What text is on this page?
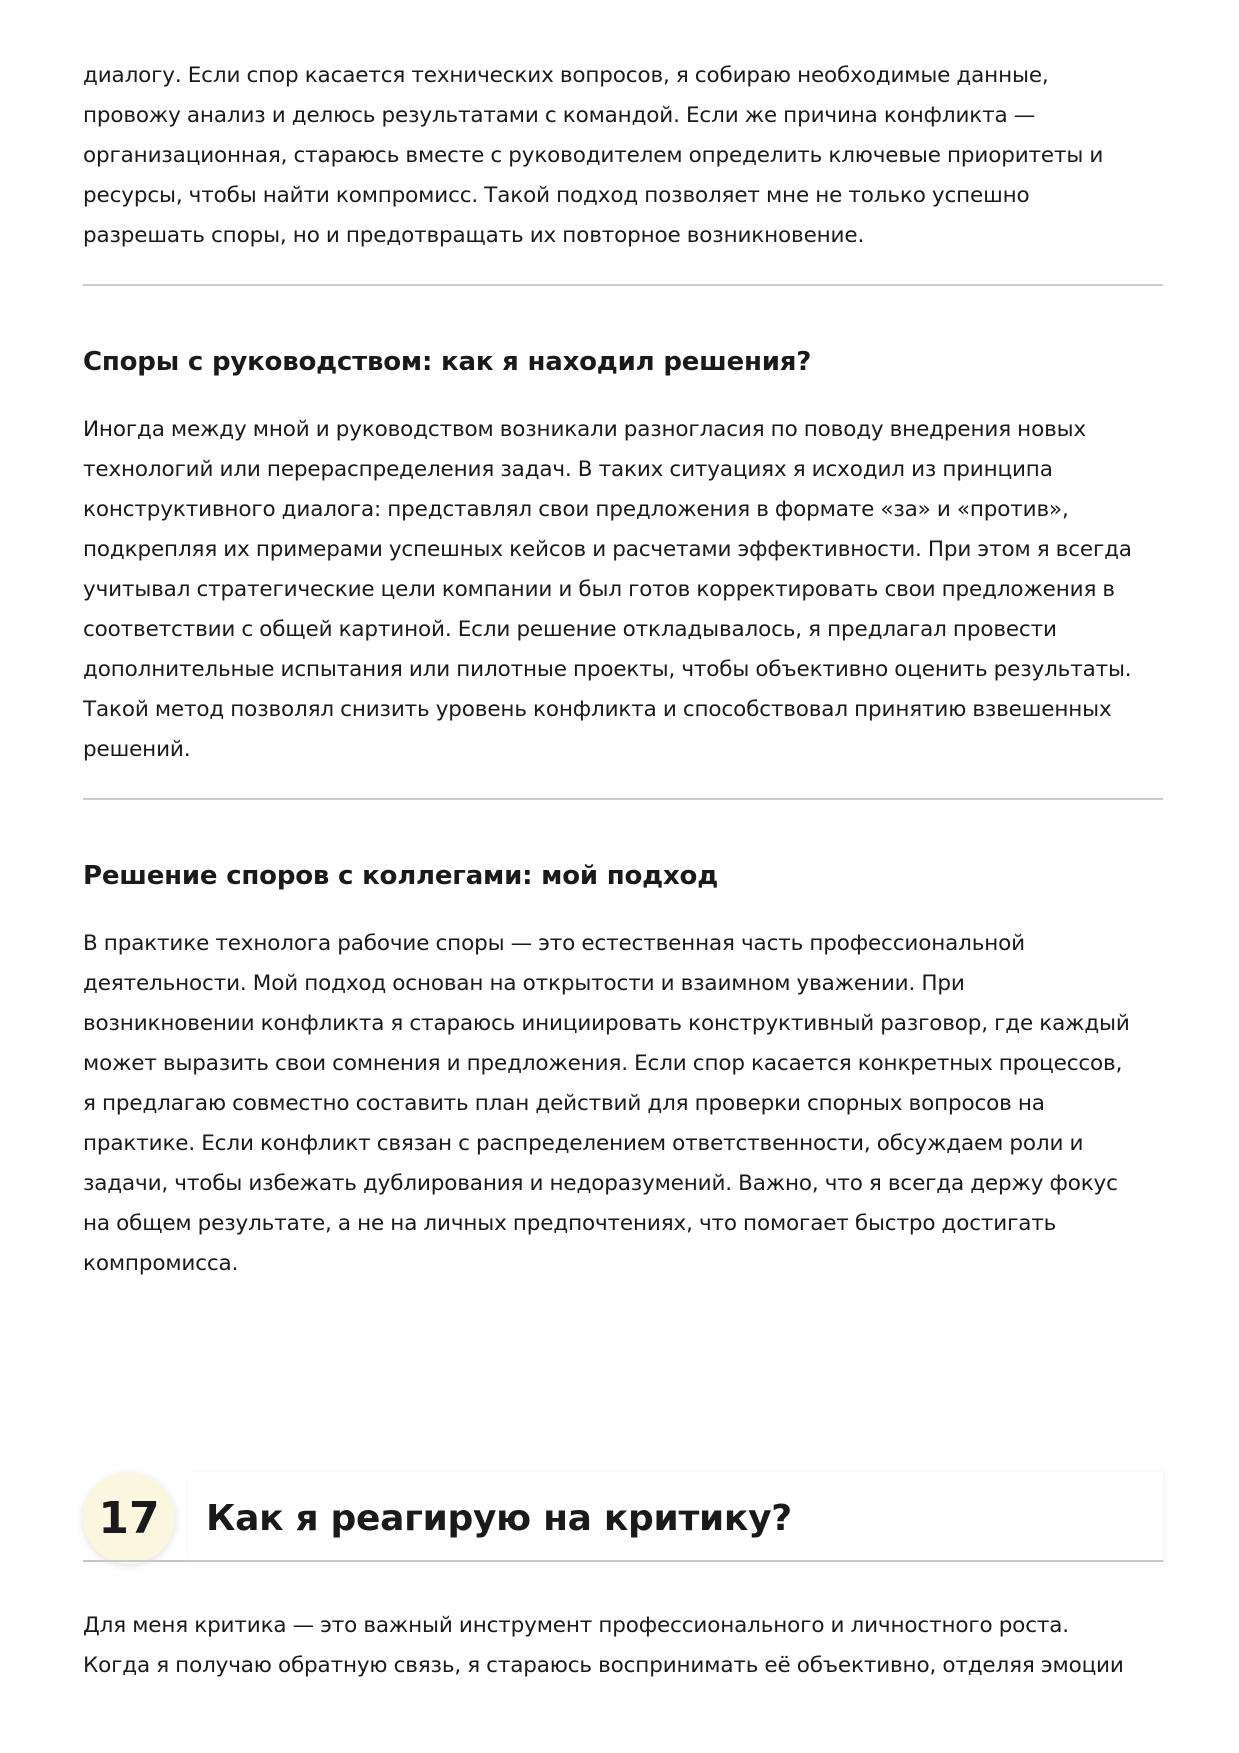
диалогу. Если спор касается технических вопросов, я собираю необходимые данные,

провожу анализ и делюсь результатами с командой. Если же причина конфликта —

организационная, стараюсь вместе с руководителем определить ключевые приоритеты и

ресурсы, чтобы найти компромисс. Такой подход позволяет мне не только успешно

разрешать споры, но и предотвращать их повторное возникновение.

Споры с руководством: как я находил решения?

Иногда между мной и руководством возникали разногласия по поводу внедрения новых

технологий или перераспределения задач. В таких ситуациях я исходил из принципа

конструктивного диалога: представлял свои предложения в формате «за» и «против»,

подкрепляя их примерами успешных кейсов и расчетами эффективности. При этом я всегда

учитывал стратегические цели компании и был готов корректировать свои предложения в

соответствии с общей картиной. Если решение откладывалось, я предлагал провести

дополнительные испытания или пилотные проекты, чтобы объективно оценить результаты.

Такой метод позволял снизить уровень конфликта и способствовал принятию взвешенных

решений.

Решение споров с коллегами: мой подход

В практике технолога рабочие споры — это естественная часть профессиональной

деятельности. Мой подход основан на открытости и взаимном уважении. При

возникновении конфликта я стараюсь инициировать конструктивный разговор, где каждый

может выразить свои сомнения и предложения. Если спор касается конкретных процессов,

я предлагаю совместно составить план действий для проверки спорных вопросов на

практике. Если конфликт связан с распределением ответственности, обсуждаем роли и

задачи, чтобы избежать дублирования и недоразумений. Важно, что я всегда держу фокус

на общем результате, а не на личных предпочтениях, что помогает быстро достигать

компромисса.

17	Как я реагирую на критику?

Для меня критика — это важный инструмент профессионального и личностного роста.

Когда я получаю обратную связь, я стараюсь воспринимать её объективно, отделяя эмоции
